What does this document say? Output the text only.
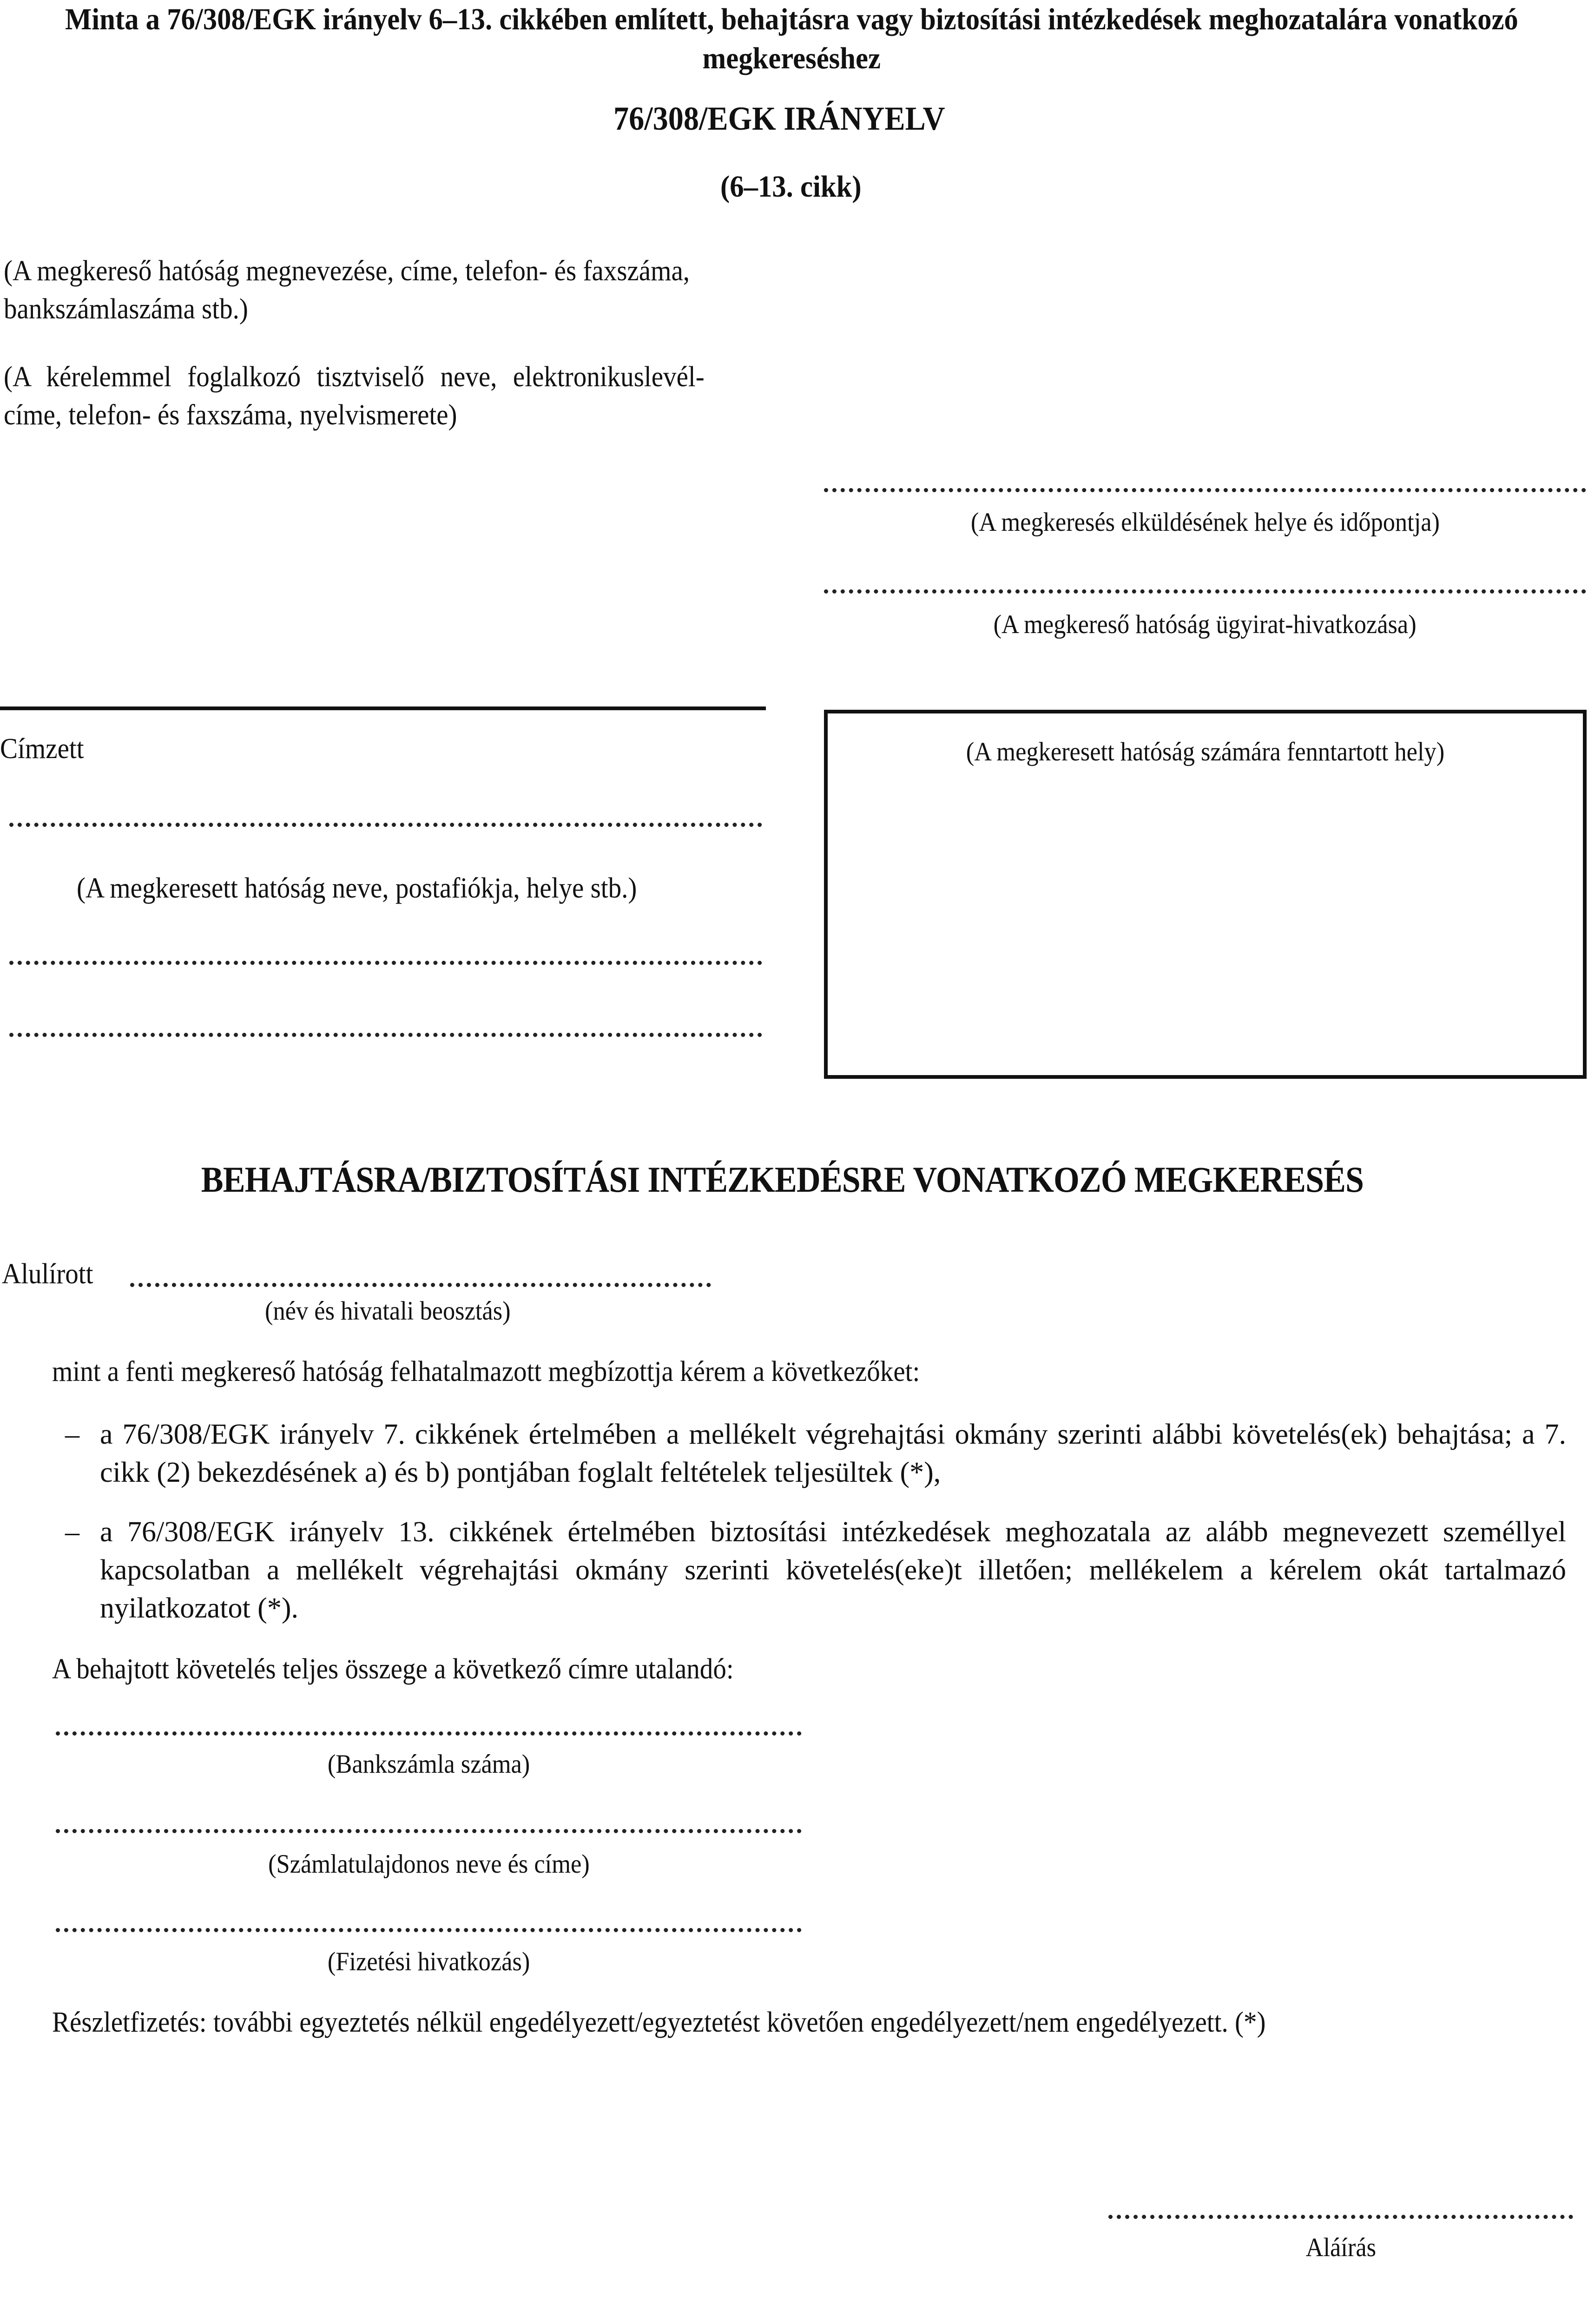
Minta a 76/308/EGK irányelv 6–13. cikkében említett, behajtásra vagy biztosítási intézkedések meghozatalára vonatkozó
megkereséshez
76/308/EGK IRÁNYELV
(6–13. cikk)
(A megkereső hatóság megnevezése, címe, telefon- és faxszáma,
bankszámlaszáma stb.)
(A kérelemmel foglalkozó tisztviselő neve, elektronikuslevél-
címe, telefon- és faxszáma, nyelvismerete)
(A megkeresés elküldésének helye és időpontja)
(A megkereső hatóság ügyirat-hivatkozása)
Címzett
(A megkeresett hatóság neve, postafiókja, helye stb.)
(A megkeresett hatóság számára fenntartott hely)
BEHAJTÁSRA/BIZTOSÍTÁSI INTÉZKEDÉSRE VONATKOZÓ MEGKERESÉS
Alulírott
(név és hivatali beosztás)
mint a fenti megkereső hatóság felhatalmazott megbízottja kérem a következőket:
– a 76/308/EGK irányelv 7. cikkének értelmében a mellékelt végrehajtási okmány szerinti alábbi követelés(ek) behajtása; a 7. cikk (2) bekezdésének a) és b) pontjában foglalt feltételek teljesültek (*),
– a 76/308/EGK irányelv 13. cikkének értelmében biztosítási intézkedések meghozatala az alább megnevezett személlyel kapcsolatban a mellékelt végrehajtási okmány szerinti követelés(eke)t illetően; mellékelem a kérelem okát tartalmazó nyilatkozatot (*).
A behajtott követelés teljes összege a következő címre utalandó:
(Bankszámla száma)
(Számlatulajdonos neve és címe)
(Fizetési hivatkozás)
Részletfizetés: további egyeztetés nélkül engedélyezett/egyeztetést követően engedélyezett/nem engedélyezett. (*)
Aláírás
